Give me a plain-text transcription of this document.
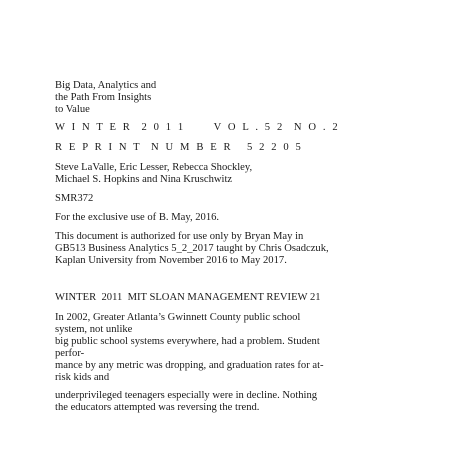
Big Data, Analytics and

the Path From Insights

to Value

W I N T E R  2 0 1 1      V O L . 5 2  N O . 2

R E P R I N T  N U M B E R   5 2 2 0 5

Steve LaValle, Eric Lesser, Rebecca Shockley,

Michael S. Hopkins and Nina Kruschwitz

SMR372

For the exclusive use of B. May, 2016.

This document is authorized for use only by Bryan May in

GB513 Business Analytics 5_2_2017 taught by Chris Osadczuk,

Kaplan University from November 2016 to May 2017.

WINTER  2011  MIT SLOAN MANAGEMENT REVIEW 21

In 2002, Greater Atlanta’s Gwinnett County public school

system, not unlike

big public school systems everywhere, had a problem. Student

perfor-

mance by any metric was dropping, and graduation rates for at-

risk kids and

underprivileged teenagers especially were in decline. Nothing

the educators attempted was reversing the trend.
